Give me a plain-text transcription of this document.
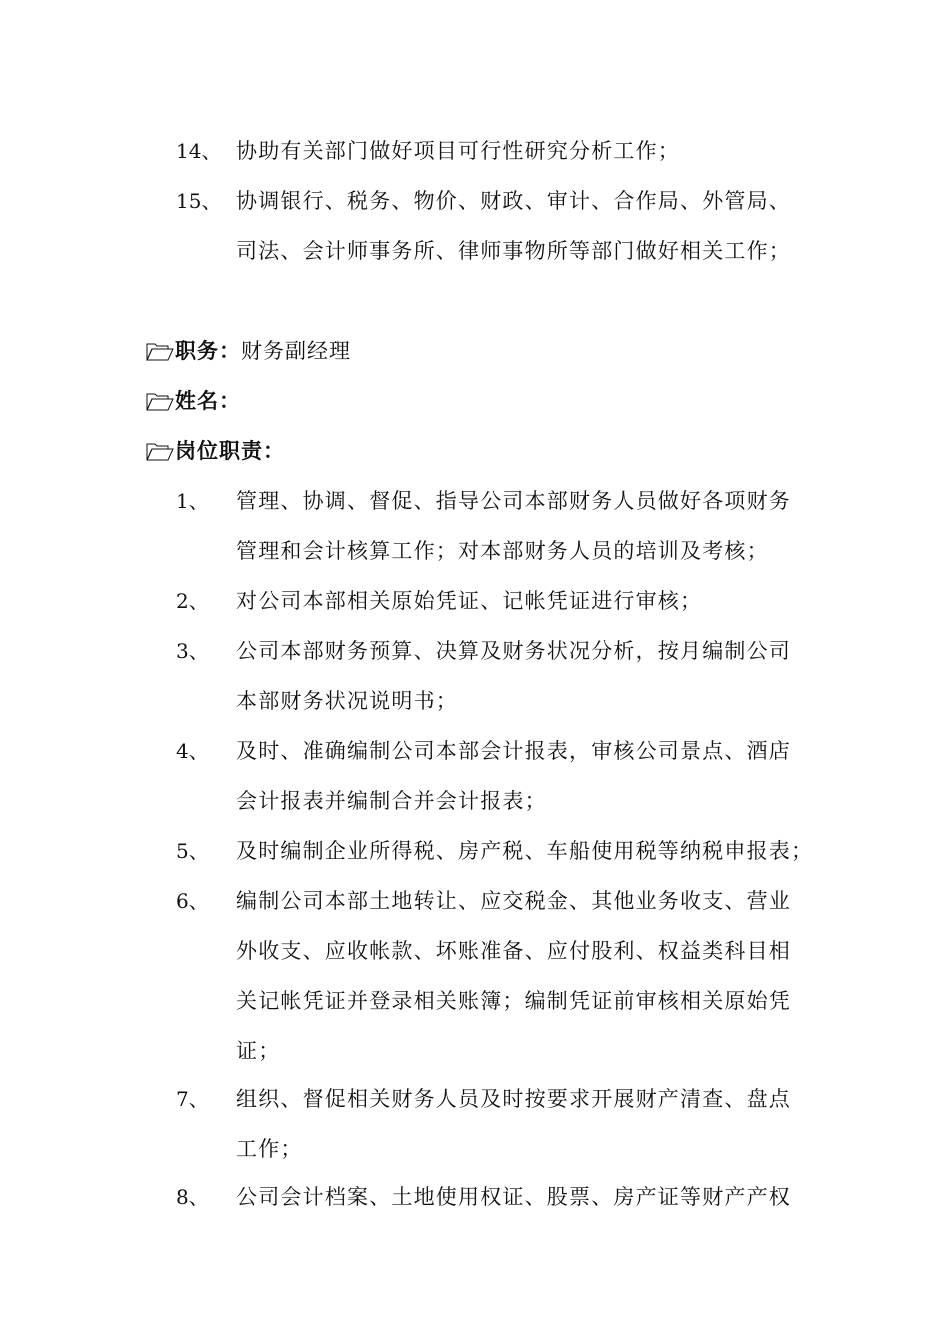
14、 协助有关部门做好项目可行性研究分析工作；
15、 协调银行、税务、物价、财政、审计、合作局、外管局、
司法、会计师事务所、律师事物所等部门做好相关工作；
职务： 财务副经理
姓名：
岗位职责：
1、 管理、协调、督促、指导公司本部财务人员做好各项财务
管理和会计核算工作；对本部财务人员的培训及考核；
2、 对公司本部相关原始凭证、记帐凭证进行审核；
3、 公司本部财务预算、决算及财务状况分析，按月编制公司
本部财务状况说明书；
4、 及时、准确编制公司本部会计报表，审核公司景点、酒店
会计报表并编制合并会计报表；
5、 及时编制企业所得税、房产税、车船使用税等纳税申报表；
6、 编制公司本部土地转让、应交税金、其他业务收支、营业
外收支、应收帐款、坏账准备、应付股利、权益类科目相
关记帐凭证并登录相关账簿；编制凭证前审核相关原始凭
证；
7、 组织、督促相关财务人员及时按要求开展财产清查、盘点
工作；
8、 公司会计档案、土地使用权证、股票、房产证等财产产权
